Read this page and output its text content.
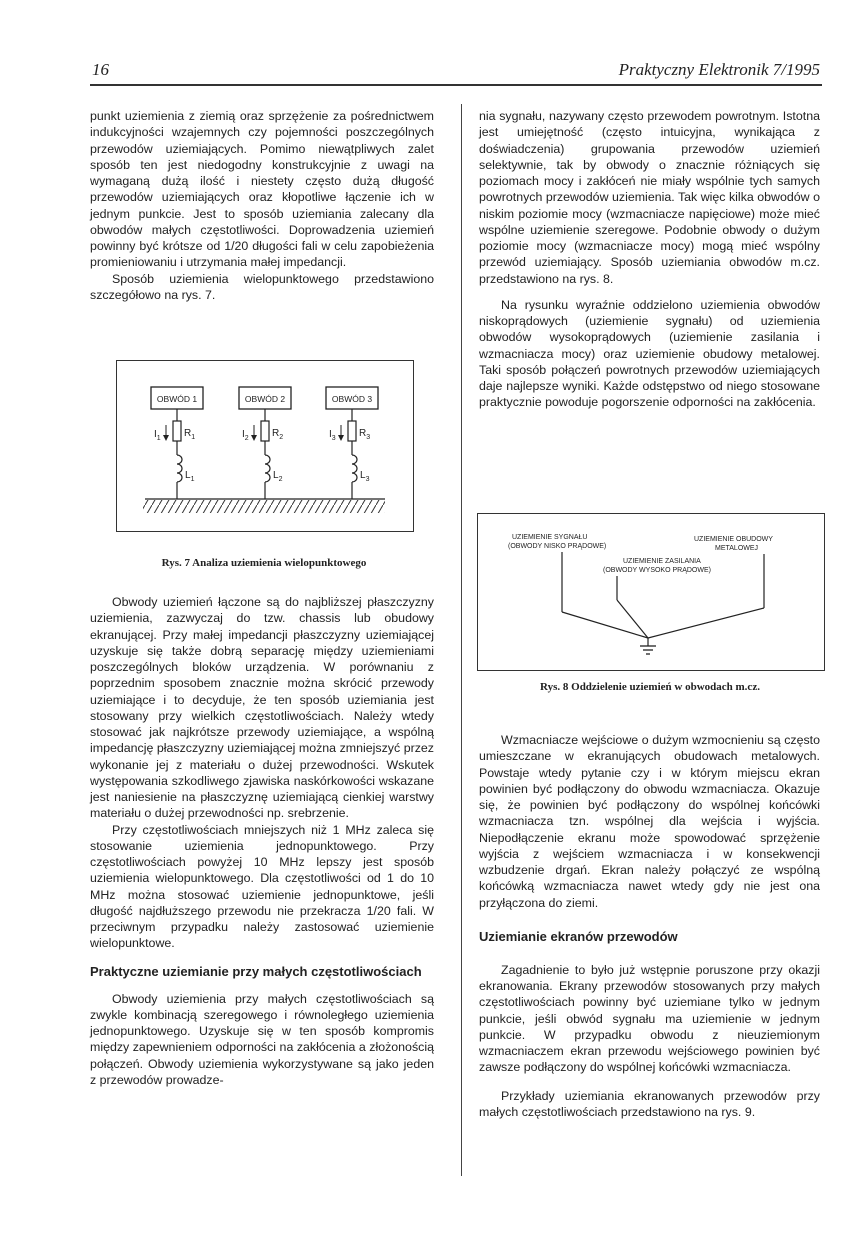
16	Praktyczny Elektronik 7/1995

punkt uziemienia z ziemią oraz sprzężenie za pośrednictwem indukcyjności wzajemnych czy pojemności poszczególnych przewodów uziemiających. Pomimo niewątpliwych zalet sposób ten jest niedogodny konstrukcyjnie z uwagi na wymaganą dużą ilość i niestety często dużą długość przewodów uziemiających oraz kłopotliwe łączenie ich w jednym punkcie. Jest to sposób uziemiania zalecany dla obwodów małych częstotliwości. Doprowadzenia uziemień powinny być krótsze od 1/20 długości fali w celu zapobieżenia promieniowaniu i utrzymania małej impedancji.

Sposób uziemienia wielopunktowego przedstawiono szczegółowo na rys. 7.

OBWÓD 1
$I_1$ $R_1$
$L_1$
OBWÓD 2
$I_2$ $R_2$
$L_2$
OBWÓD 3
$I_3$ $R_3$
$L_3$
Rys. 7 Analiza uziemienia wielopunktowego

Obwody uziemień łączone są do najbliższej płaszczyzny uziemienia, zazwyczaj do tzw. chassis lub obudowy ekranującej. Przy małej impedancji płaszczyzny uziemiającej uzyskuje się także dobrą separację między uziemieniami poszczególnych bloków urządzenia. W porównaniu z poprzednim sposobem znacznie można skrócić przewody uziemiające i to decyduje, że ten sposób uziemiania jest stosowany przy wielkich częstotliwościach. Należy wtedy stosować jak najkrótsze przewody uziemiające, a wspólną impedancję płaszczyzny uziemiającej można zmniejszyć przez wykonanie jej z materiału o dużej przewodności. Wskutek występowania szkodliwego zjawiska naskórkowości wskazane jest naniesienie na płaszczyznę uziemiającą cienkiej warstwy materiału o dużej przewodności np. srebrzenie.

Przy częstotliwościach mniejszych niż 1 MHz zaleca się stosowanie uziemienia jednopunktowego. Przy częstotliwościach powyżej 10 MHz lepszy jest sposób uziemienia wielopunktowego. Dla częstotliwości od 1 do 10 MHz można stosować uziemienie jednopunktowe, jeśli długość najdłuższego przewodu nie przekracza 1/20 fali. W przeciwnym przypadku należy zastosować uziemienie wielopunktowe.

Praktyczne uziemianie przy małych częstotliwościach

Obwody uziemienia przy małych częstotliwościach są zwykle kombinacją szeregowego i równoległego uziemienia jednopunktowego. Uzyskuje się w ten sposób kompromis między zapewnieniem odporności na zakłócenia a złożonością połączeń. Obwody uziemienia wykorzystywane są jako jeden z przewodów prowadze-

nia sygnału, nazywany często przewodem powrotnym. Istotna jest umiejętność (często intuicyjna, wynikająca z doświadczenia) grupowania przewodów uziemień selektywnie, tak by obwody o znacznie różniących się poziomach mocy i zakłóceń nie miały wspólnie tych samych powrotnych przewodów uziemienia. Tak więc kilka obwodów o niskim poziomie mocy (wzmacniacze napięciowe) może mieć wspólne uziemienie szeregowe. Podobnie obwody o dużym poziomie mocy (wzmacniacze mocy) mogą mieć wspólny przewód uziemiający. Sposób uziemiania obwodów m.cz. przedstawiono na rys. 8.

Na rysunku wyraźnie oddzielono uziemienia obwodów niskoprądowych (uziemienie sygnału) od uziemienia obwodów wysokoprądowych (uziemienie zasilania i wzmacniacza mocy) oraz uziemienie obudowy metalowej. Taki sposób połączeń powrotnych przewodów uziemiających daje najlepsze wyniki. Każde odstępstwo od niego stosowane praktycznie powoduje pogorszenie odporności na zakłócenia.

UZIEMIENIE SYGNAŁU
(OBWODY NISKO PRĄDOWE)
UZIEMIENIE OBUDOWY
METALOWEJ
UZIEMIENIE ZASILANIA
(OBWODY WYSOKO PRĄDOWE)
Rys. 8 Oddzielenie uziemień w obwodach m.cz.

Wzmacniacze wejściowe o dużym wzmocnieniu są często umieszczane w ekranujących obudowach metalowych. Powstaje wtedy pytanie czy i w którym miejscu ekran powinien być podłączony do obwodu wzmacniacza. Okazuje się, że powinien być podłączony do wspólnej końcówki wzmacniacza tzn. wspólnej dla wejścia i wyjścia. Niepodłączenie ekranu może spowodować sprzężenie wyjścia z wejściem wzmacniacza i w konsekwencji wzbudzenie drgań. Ekran należy połączyć ze wspólną końcówką wzmacniacza nawet wtedy gdy nie jest ona przyłączona do ziemi.

Uziemianie ekranów przewodów

Zagadnienie to było już wstępnie poruszone przy okazji ekranowania. Ekrany przewodów stosowanych przy małych częstotliwościach powinny być uziemiane tylko w jednym punkcie, jeśli obwód sygnału ma uziemienie w jednym punkcie. W przypadku obwodu z nieuziemionym wzmacniaczem ekran przewodu wejściowego powinien być zawsze podłączony do wspólnej końcówki wzmacniacza.

Przykłady uziemiania ekranowanych przewodów przy małych częstotliwościach przedstawiono na rys. 9.
